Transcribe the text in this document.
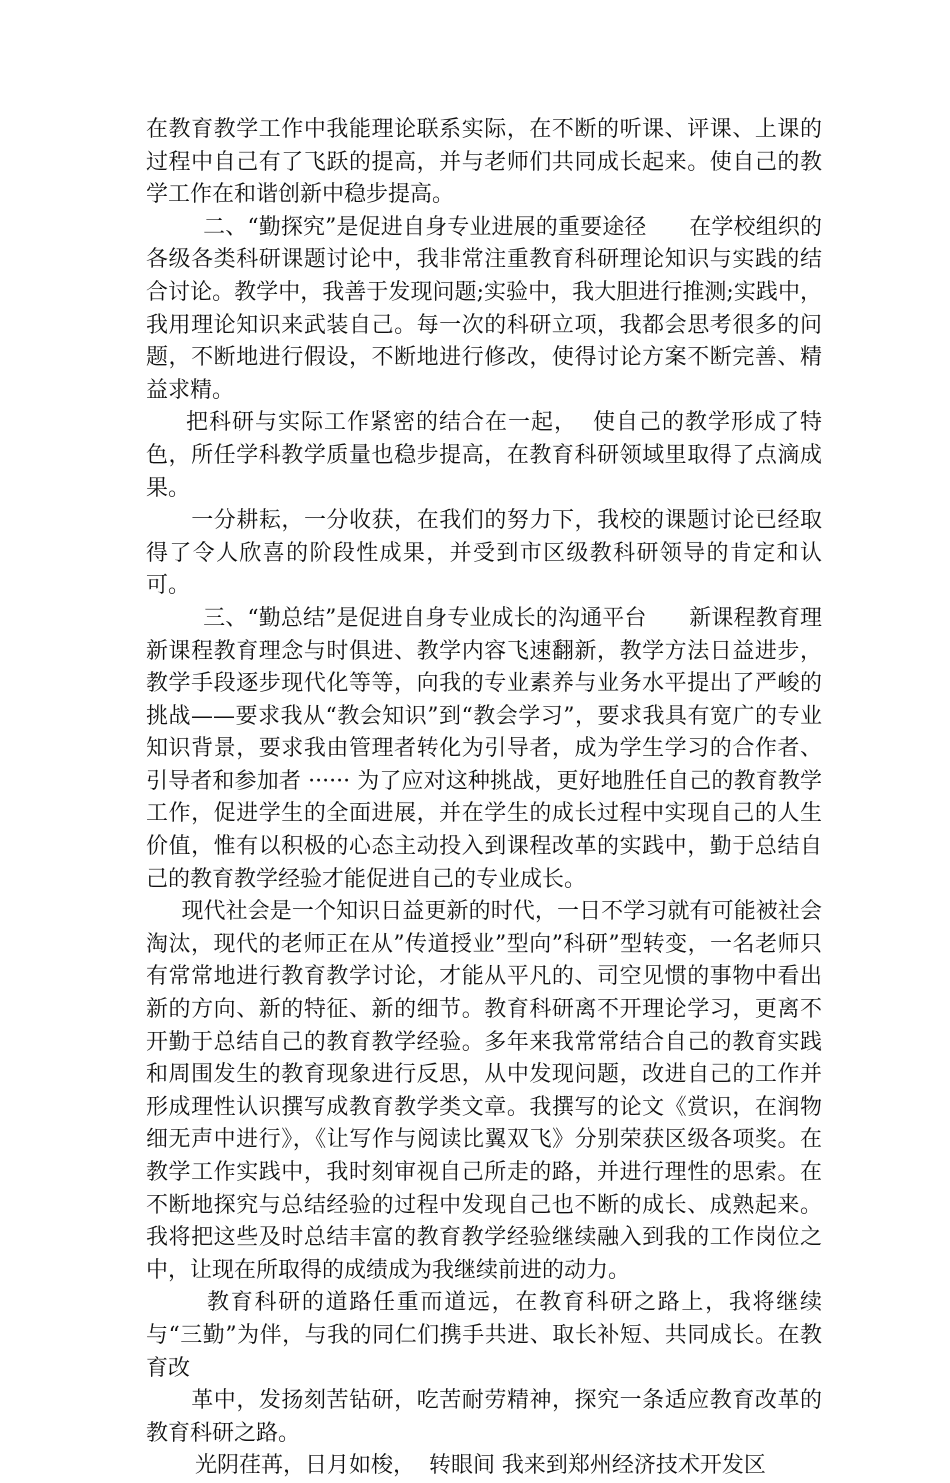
在教育教学工作中我能理论联系实际，在不断的听课、评课、上课的过程中自己有了飞跃的提高，并与老师们共同成长起来。使自己的教学工作在和谐创新中稳步提高。

二、“勤探究”是促进自身专业进展的重要途径      在学校组织的各级各类科研课题讨论中，我非常注重教育科研理论知识与实践的结合讨论。教学中，我善于发现问题;实验中，我大胆进行推测;实践中，我用理论知识来武装自己。每一次的科研立项，我都会思考很多的问题，不断地进行假设，不断地进行修改，使得讨论方案不断完善、精益求精。

把科研与实际工作紧密的结合在一起，  使自己的教学形成了特色，所任学科教学质量也稳步提高，在教育科研领域里取得了点滴成果。

一分耕耘，一分收获，在我们的努力下，我校的课题讨论已经取得了令人欣喜的阶段性成果，并受到市区级教科研领导的肯定和认可。

三、“勤总结”是促进自身专业成长的沟通平台      新课程教育理      新课程教育理念与时俱进、教学内容飞速翻新，教学方法日益进步，教学手段逐步现代化等等，向我的专业素养与业务水平提出了严峻的挑战——要求我从“教会知识”到“教会学习”，要求我具有宽广的专业知识背景，要求我由管理者转化为引导者，成为学生学习的合作者、引导者和参加者 ······ 为了应对这种挑战，更好地胜任自己的教育教学工作，促进学生的全面进展，并在学生的成长过程中实现自己的人生价值，惟有以积极的心态主动投入到课程改革的实践中，勤于总结自己的教育教学经验才能促进自己的专业成长。

现代社会是一个知识日益更新的时代，一日不学习就有可能被社会淘汰，现代的老师正在从”传道授业”型向”科研”型转变，一名老师只有常常地进行教育教学讨论，才能从平凡的、司空见惯的事物中看出新的方向、新的特征、新的细节。教育科研离不开理论学习，更离不开勤于总结自己的教育教学经验。多年来我常常结合自己的教育实践和周围发生的教育现象进行反思，从中发现问题，改进自己的工作并形成理性认识撰写成教育教学类文章。我撰写的论文《赏识，在润物细无声中进行》，《让写作与阅读比翼双飞》分别荣获区级各项奖。在教学工作实践中，我时刻审视自己所走的路，并进行理性的思索。在不断地探究与总结经验的过程中发现自己也不断的成长、成熟起来。我将把这些及时总结丰富的教育教学经验继续融入到我的工作岗位之中，让现在所取得的成绩成为我继续前进的动力。

教育科研的道路任重而道远，在教育科研之路上，我将继续与“三勤”为伴，与我的同仁们携手共进、取长补短、共同成长。在教育改

革中，发扬刻苦钻研，吃苦耐劳精神，探究一条适应教育改革的教育科研之路。

光阴荏苒，日月如梭，  转眼间 我来到郑州经济技术开发区
